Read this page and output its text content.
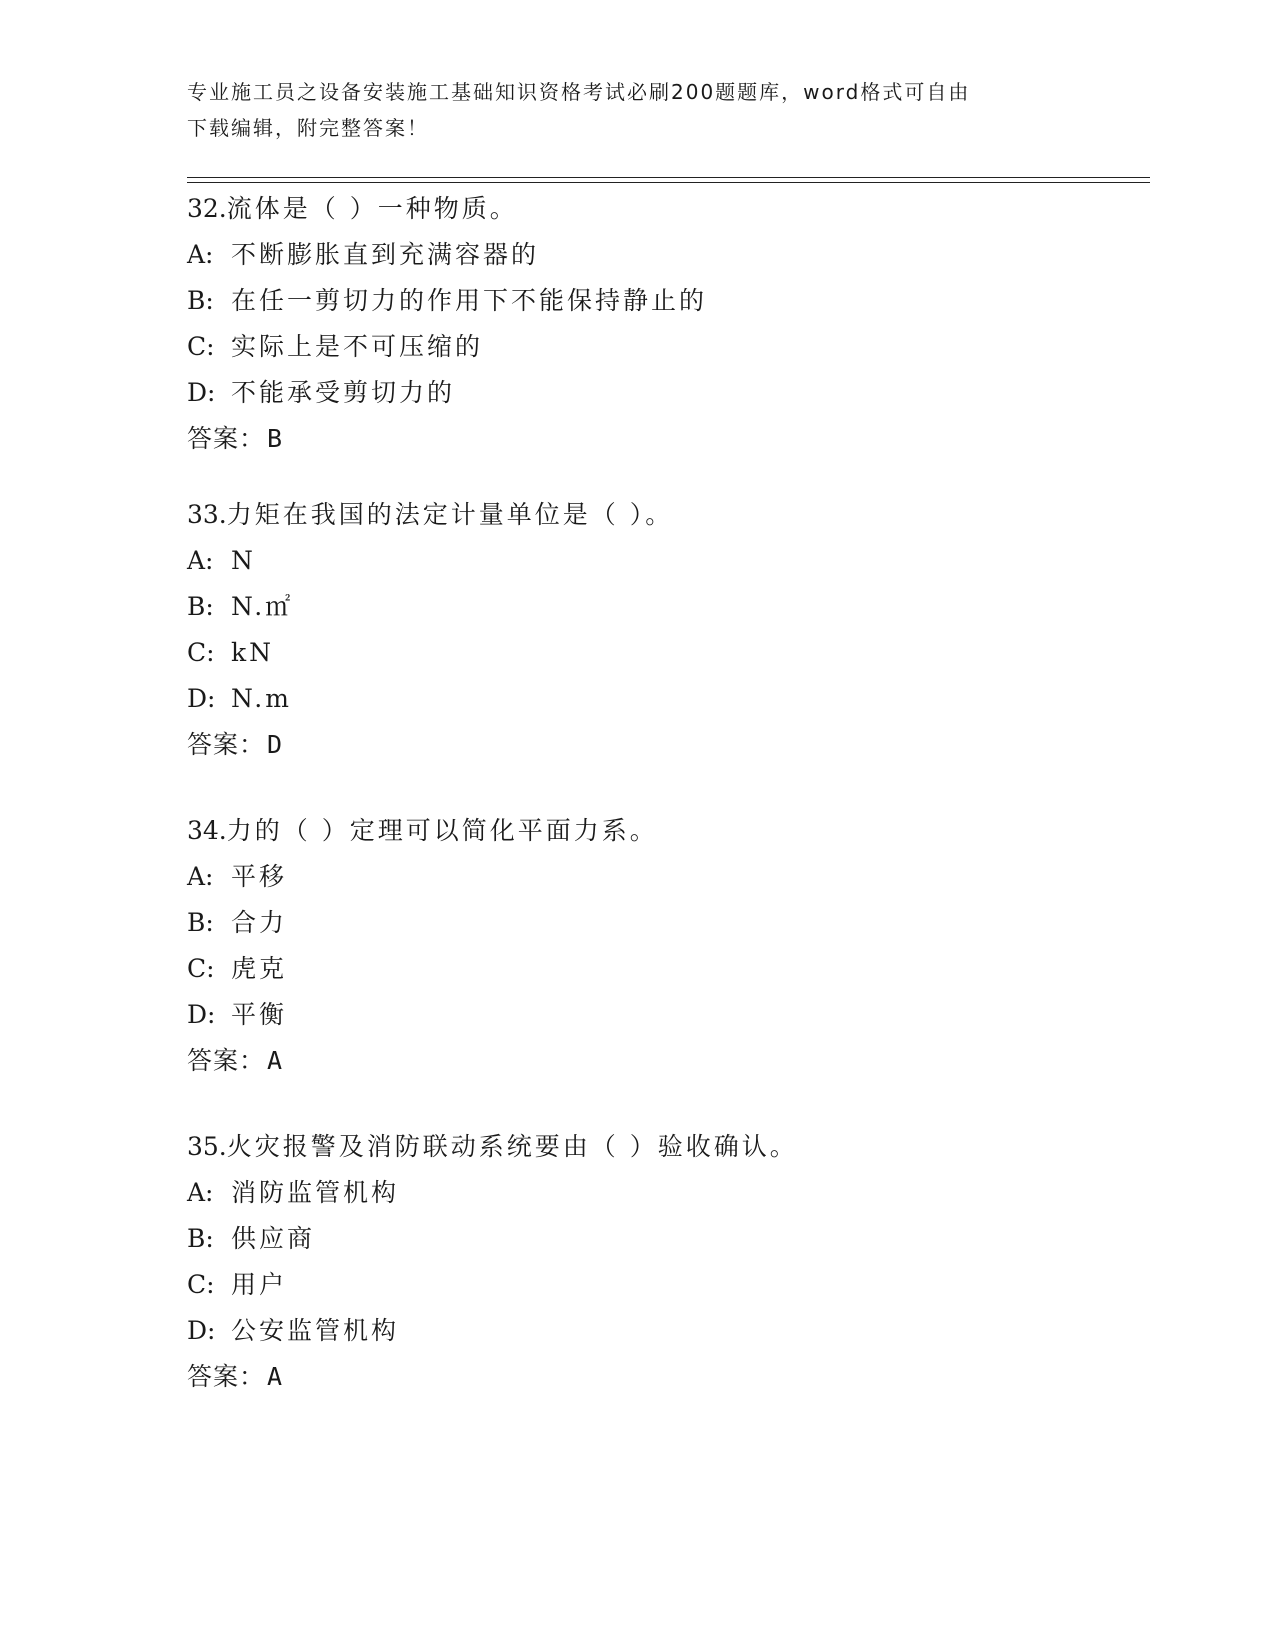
专业施工员之设备安装施工基础知识资格考试必刷200题题库，word格式可自由
下载编辑，附完整答案！
32.流体是（ ）一种物质。
A: 不断膨胀直到充满容器的
B: 在任一剪切力的作用下不能保持静止的
C: 实际上是不可压缩的
D: 不能承受剪切力的
答案：B
33.力矩在我国的法定计量单位是（ ）。
A: N
B: N.㎡
C: kN
D: N.m
答案：D
34.力的（ ）定理可以简化平面力系。
A: 平移
B: 合力
C: 虎克
D: 平衡
答案：A
35.火灾报警及消防联动系统要由（ ）验收确认。
A: 消防监管机构
B: 供应商
C: 用户
D: 公安监管机构
答案：A
